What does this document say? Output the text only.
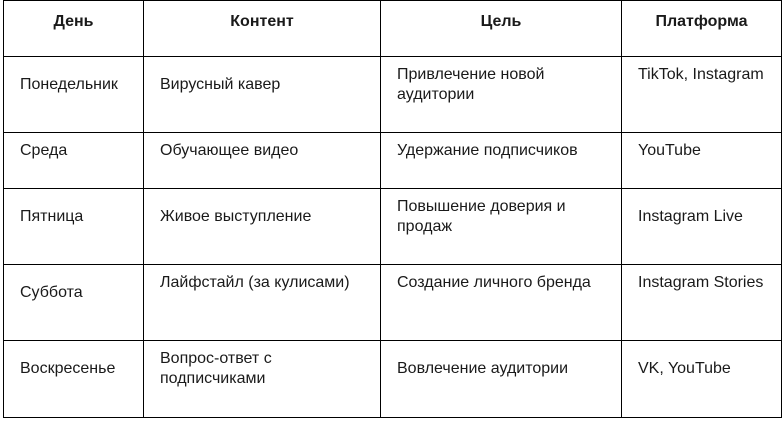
День	Контент	Цель	Платформа
Понедельник	Вирусный кавер	Привлечение новой аудитории	TikTok, Instagram
Среда	Обучающее видео	Удержание подписчиков	YouTube
Пятница	Живое выступление	Повышение доверия и продаж	Instagram Live
Суббота	Лайфстайл (за кулисами)	Создание личного бренда	Instagram Stories
Воскресенье	Вопрос-ответ с подписчиками	Вовлечение аудитории	VK, YouTube
